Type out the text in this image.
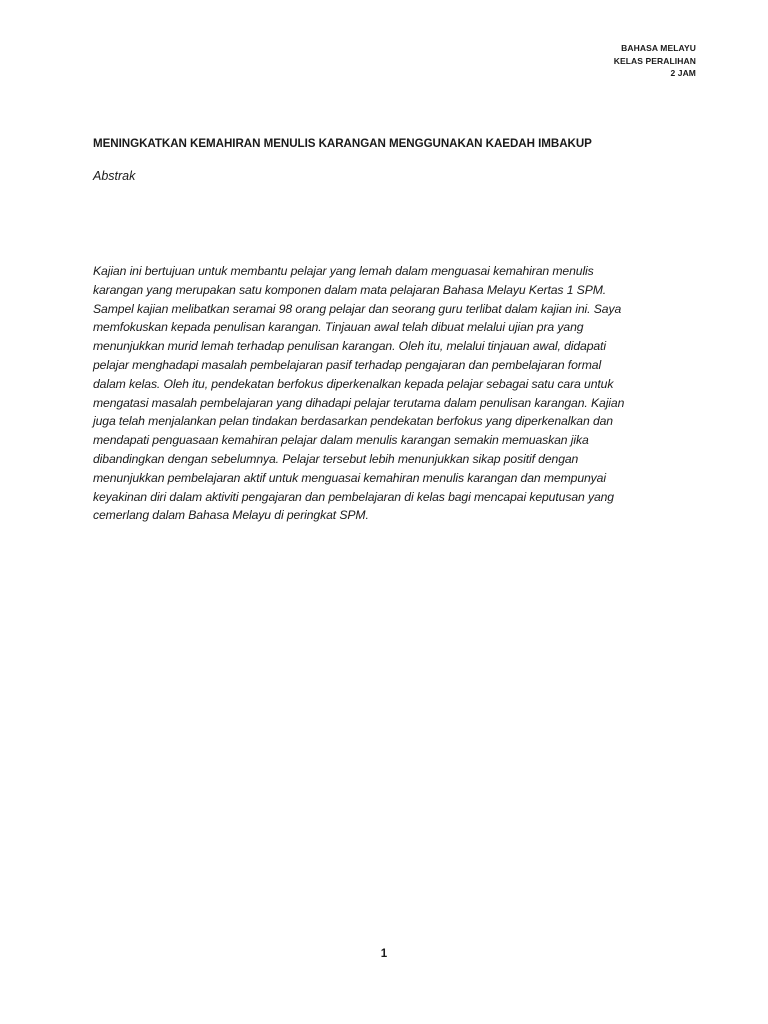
BAHASA MELAYU
KELAS PERALIHAN
2 JAM
MENINGKATKAN KEMAHIRAN MENULIS KARANGAN MENGGUNAKAN KAEDAH IMBAKUP
Abstrak
Kajian ini bertujuan untuk membantu pelajar yang lemah dalam menguasai kemahiran menulis
karangan yang merupakan satu komponen dalam mata pelajaran Bahasa Melayu Kertas 1 SPM.
Sampel kajian melibatkan seramai 98 orang pelajar dan seorang guru terlibat dalam kajian ini. Saya
memfokuskan kepada penulisan karangan. Tinjauan awal telah dibuat melalui ujian pra yang
menunjukkan murid lemah terhadap penulisan karangan. Oleh itu, melalui tinjauan awal, didapati
pelajar menghadapi masalah pembelajaran pasif terhadap pengajaran dan pembelajaran formal
dalam kelas. Oleh itu, pendekatan berfokus diperkenalkan kepada pelajar sebagai satu cara untuk
mengatasi masalah pembelajaran yang dihadapi pelajar terutama dalam penulisan karangan. Kajian
juga telah menjalankan pelan tindakan berdasarkan pendekatan berfokus yang diperkenalkan dan
mendapati penguasaan kemahiran pelajar dalam menulis karangan semakin memuaskan jika
dibandingkan dengan sebelumnya. Pelajar tersebut lebih menunjukkan sikap positif dengan
menunjukkan pembelajaran aktif untuk menguasai kemahiran menulis karangan dan mempunyai
keyakinan diri dalam aktiviti pengajaran dan pembelajaran di kelas bagi mencapai keputusan yang
cemerlang dalam Bahasa Melayu di peringkat SPM.
1
